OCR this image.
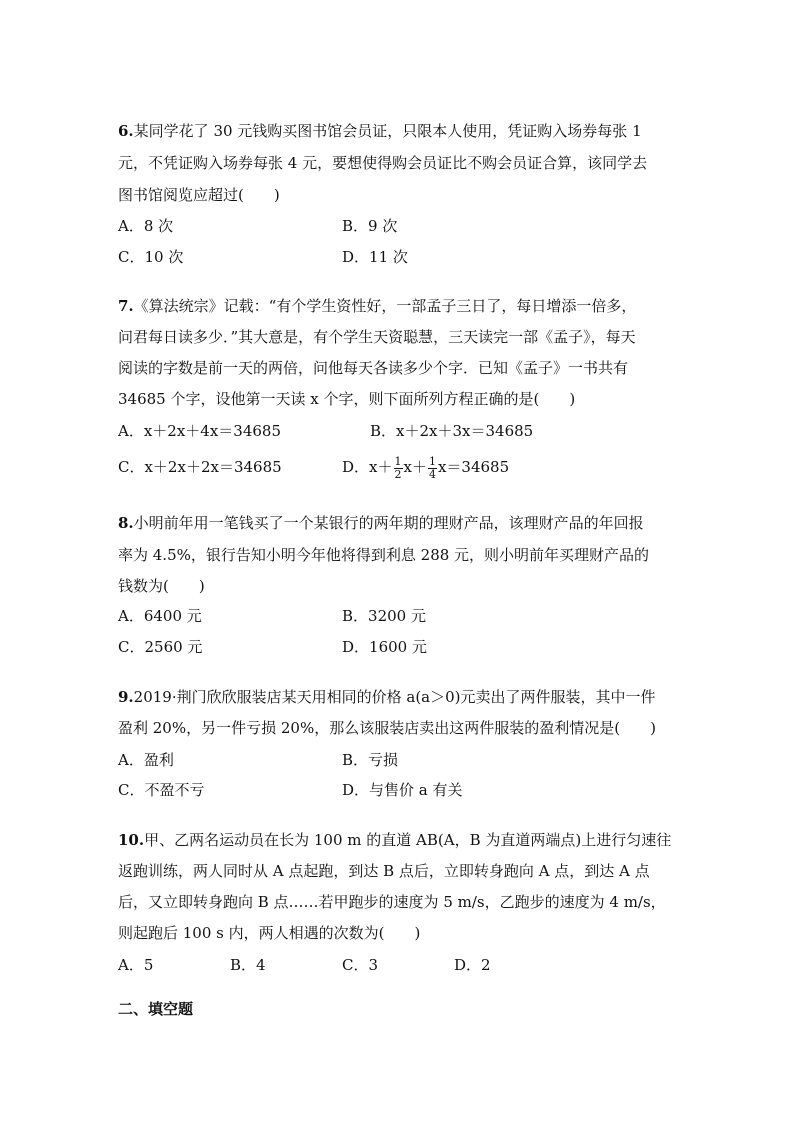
6.某同学花了 30 元钱购买图书馆会员证，只限本人使用，凭证购入场券每张 1
元，不凭证购入场券每张 4 元，要想使得购会员证比不购会员证合算，该同学去
图书馆阅览应超过(　　)
A．8 次	B．9 次
C．10 次	D．11 次
7.《算法统宗》记载：“有个学生资性好，一部孟子三日了，每日增添一倍多，
问君每日读多少．”其大意是，有个学生天资聪慧，三天读完一部《孟子》，每天
阅读的字数是前一天的两倍，问他每天各读多少个字．已知《孟子》一书共有
34685 个字，设他第一天读 x 个字，则下面所列方程正确的是(　　)
A．x＋2x＋4x＝34685	B．x＋2x＋3x＝34685
C．x＋2x＋2x＝34685	D．$x+ \frac{1}{2} x+ \frac{1}{4} x=34685$
8.小明前年用一笔钱买了一个某银行的两年期的理财产品，该理财产品的年回报
率为 4.5%，银行告知小明今年他将得到利息 288 元，则小明前年买理财产品的
钱数为(　　)
A．6400 元	B．3200 元
C．2560 元	D．1600 元
9.2019·荆门欣欣服装店某天用相同的价格 a(a＞0)元卖出了两件服装，其中一件
盈利 20%，另一件亏损 20%，那么该服装店卖出这两件服装的盈利情况是(　　)
A．盈利	B．亏损
C．不盈不亏	D．与售价 a 有关
10.甲、乙两名运动员在长为 100 m 的直道 AB(A，B 为直道两端点)上进行匀速往
返跑训练，两人同时从 A 点起跑，到达 B 点后，立即转身跑向 A 点，到达 A 点
后，又立即转身跑向 B 点……若甲跑步的速度为 5 m/s，乙跑步的速度为 4 m/s，
则起跑后 100 s 内，两人相遇的次数为(　　)
A．5	B．4	C．3	D．2
二、填空题
